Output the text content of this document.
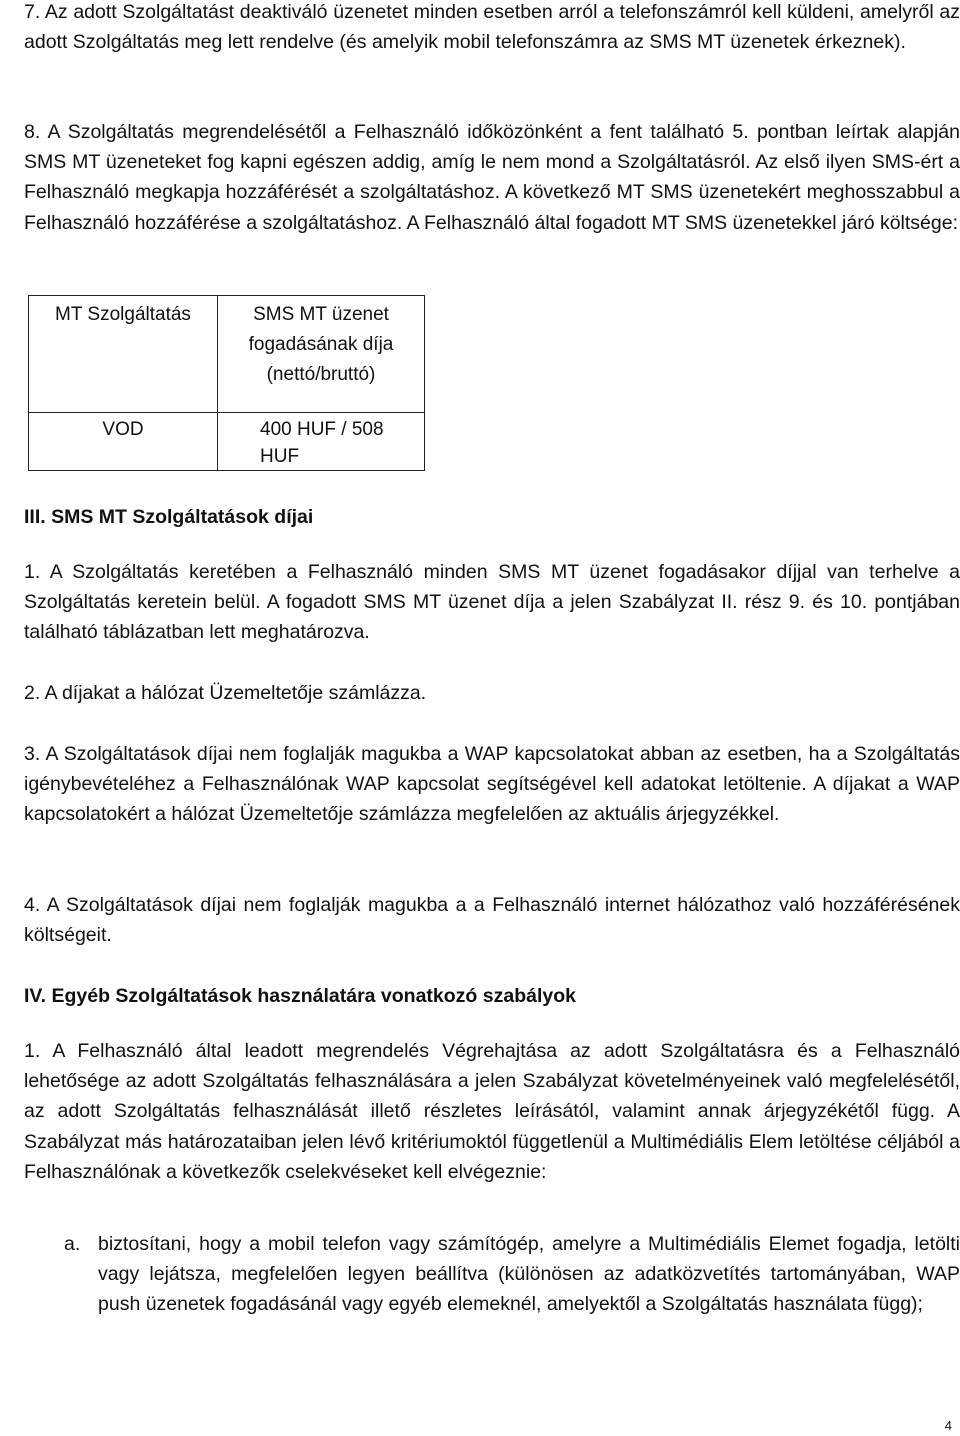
7. Az adott Szolgáltatást deaktiváló üzenetet minden esetben arról a telefonszámról kell küldeni, amelyről az adott Szolgáltatás meg lett rendelve (és amelyik mobil telefonszámra az SMS MT üzenetek érkeznek).

8. A Szolgáltatás megrendelésétől a Felhasználó időközönként a fent található 5. pontban leírtak alapján SMS MT üzeneteket fog kapni egészen addig, amíg le nem mond a Szolgáltatásról. Az első ilyen SMS-ért a Felhasználó megkapja hozzáférését a szolgáltatáshoz. A következő MT SMS üzenetekért meghosszabbul a Felhasználó hozzáférése a szolgáltatáshoz. A Felhasználó által fogadott MT SMS üzenetekkel járó költsége:

MT Szolgáltatás	SMS MT üzenet fogadásának díja (nettó/bruttó)

VOD	400 HUF / 508 HUF

III. SMS MT Szolgáltatások díjai

1. A Szolgáltatás keretében a Felhasználó minden SMS MT üzenet fogadásakor díjjal van terhelve a Szolgáltatás keretein belül. A fogadott SMS MT üzenet díja a jelen Szabályzat II. rész 9. és 10. pontjában található táblázatban lett meghatározva.

2. A díjakat a hálózat Üzemeltetője számlázza.

3. A Szolgáltatások díjai nem foglalják magukba a WAP kapcsolatokat abban az esetben, ha a Szolgáltatás igénybevételéhez a Felhasználónak WAP kapcsolat segítségével kell adatokat letöltenie. A díjakat a WAP kapcsolatokért a hálózat Üzemeltetője számlázza megfelelően az aktuális árjegyzékkel.

4. A Szolgáltatások díjai nem foglalják magukba a a Felhasználó internet hálózathoz való hozzáférésének költségeit.

IV. Egyéb Szolgáltatások használatára vonatkozó szabályok

1. A Felhasználó által leadott megrendelés Végrehajtása az adott Szolgáltatásra és a Felhasználó lehetősége az adott Szolgáltatás felhasználására a jelen Szabályzat követelményeinek való megfelelésétől, az adott Szolgáltatás felhasználását illető részletes leírásától, valamint annak árjegyzékétől függ. A Szabályzat más határozataiban jelen lévő kritériumoktól függetlenül a Multimédiális Elem letöltése céljából a Felhasználónak a következők cselekvéseket kell elvégeznie:

a. biztosítani, hogy a mobil telefon vagy számítógép, amelyre a Multimédiális Elemet fogadja, letölti vagy lejátsza, megfelelően legyen beállítva (különösen az adatközvetítés tartományában, WAP push üzenetek fogadásánál vagy egyéb elemeknél, amelyektől a Szolgáltatás használata függ);

4
